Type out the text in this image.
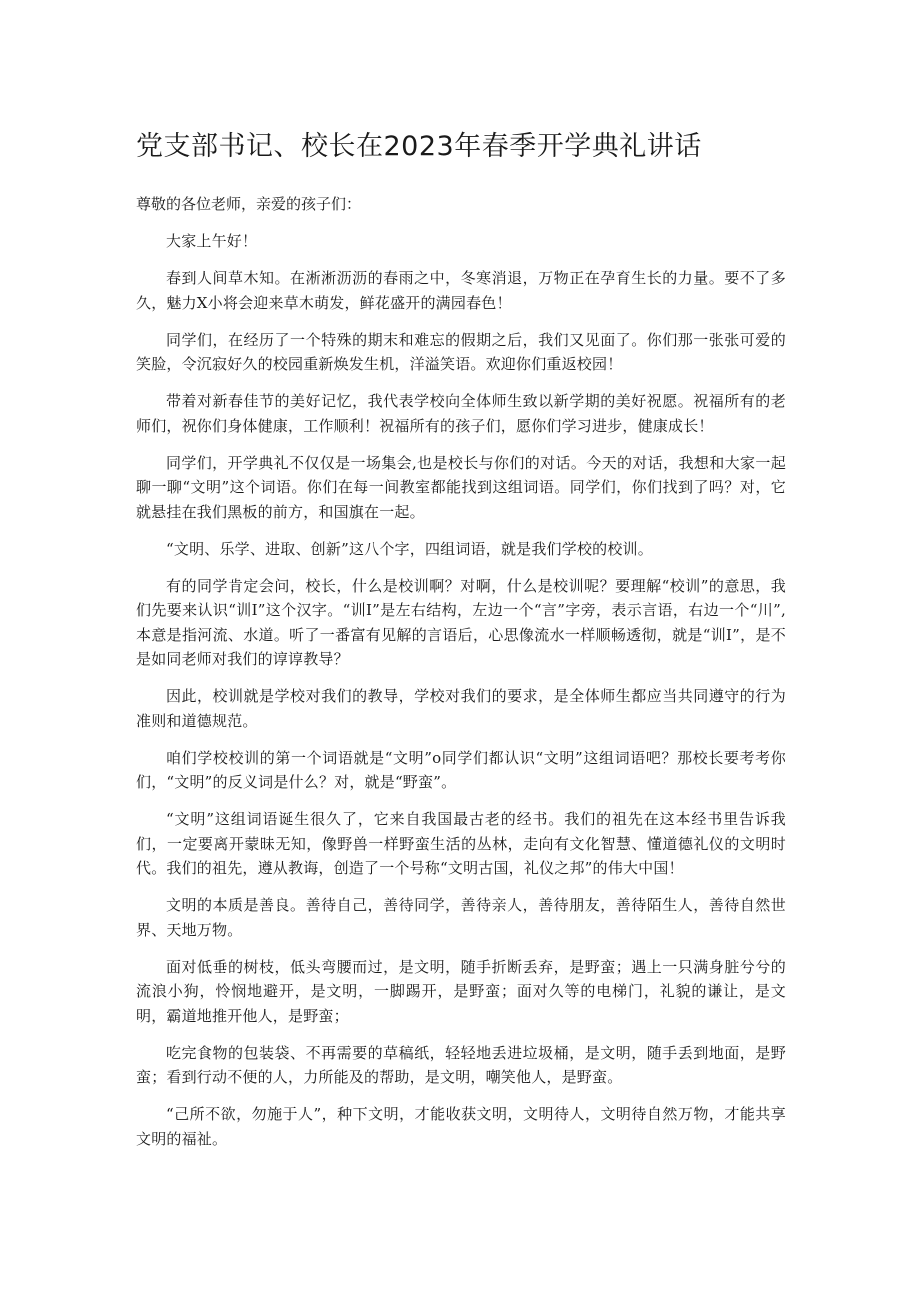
党支部书记、校长在2023年春季开学典礼讲话

尊敬的各位老师，亲爱的孩子们：

大家上午好！

春到人间草木知。在淅淅沥沥的春雨之中，冬寒消退，万物正在孕育生长的力量。要不了多久，魅力X小将会迎来草木萌发，鲜花盛开的满园春色！

同学们，在经历了一个特殊的期末和难忘的假期之后，我们又见面了。你们那一张张可爱的笑脸，令沉寂好久的校园重新焕发生机，洋溢笑语。欢迎你们重返校园！

带着对新春佳节的美好记忆，我代表学校向全体师生致以新学期的美好祝愿。祝福所有的老师们，祝你们身体健康，工作顺利！祝福所有的孩子们，愿你们学习进步，健康成长！

同学们，开学典礼不仅仅是一场集会,也是校长与你们的对话。今天的对话，我想和大家一起聊一聊“文明”这个词语。你们在每一间教室都能找到这组词语。同学们，你们找到了吗？对，它就悬挂在我们黑板的前方，和国旗在一起。

“文明、乐学、进取、创新”这八个字，四组词语，就是我们学校的校训。

有的同学肯定会问，校长，什么是校训啊？对啊，什么是校训呢？要理解“校训”的意思，我们先要来认识“训I”这个汉字。“训I”是左右结构，左边一个“言”字旁，表示言语，右边一个“川”,本意是指河流、水道。听了一番富有见解的言语后，心思像流水一样顺畅透彻，就是“训I”，是不是如同老师对我们的谆谆教导？

因此，校训就是学校对我们的教导，学校对我们的要求，是全体师生都应当共同遵守的行为准则和道德规范。

咱们学校校训的第一个词语就是“文明”o同学们都认识“文明”这组词语吧？那校长要考考你们，“文明”的反义词是什么？对，就是“野蛮”。

“文明”这组词语诞生很久了，它来自我国最古老的经书。我们的祖先在这本经书里告诉我们，一定要离开蒙昧无知，像野兽一样野蛮生活的丛林，走向有文化智慧、懂道德礼仪的文明时代。我们的祖先，遵从教诲，创造了一个号称“文明古国，礼仪之邦”的伟大中国！

文明的本质是善良。善待自己，善待同学，善待亲人，善待朋友，善待陌生人，善待自然世界、天地万物。

面对低垂的树枝，低头弯腰而过，是文明，随手折断丢弃，是野蛮；遇上一只满身脏兮兮的流浪小狗，怜悯地避开，是文明，一脚踢开，是野蛮；面对久等的电梯门，礼貌的谦让，是文明，霸道地推开他人，是野蛮；

吃完食物的包装袋、不再需要的草稿纸，轻轻地丢进垃圾桶，是文明，随手丢到地面，是野蛮；看到行动不便的人，力所能及的帮助，是文明，嘲笑他人，是野蛮。

“己所不欲，勿施于人”，种下文明，才能收获文明，文明待人，文明待自然万物，才能共享文明的福祉。
